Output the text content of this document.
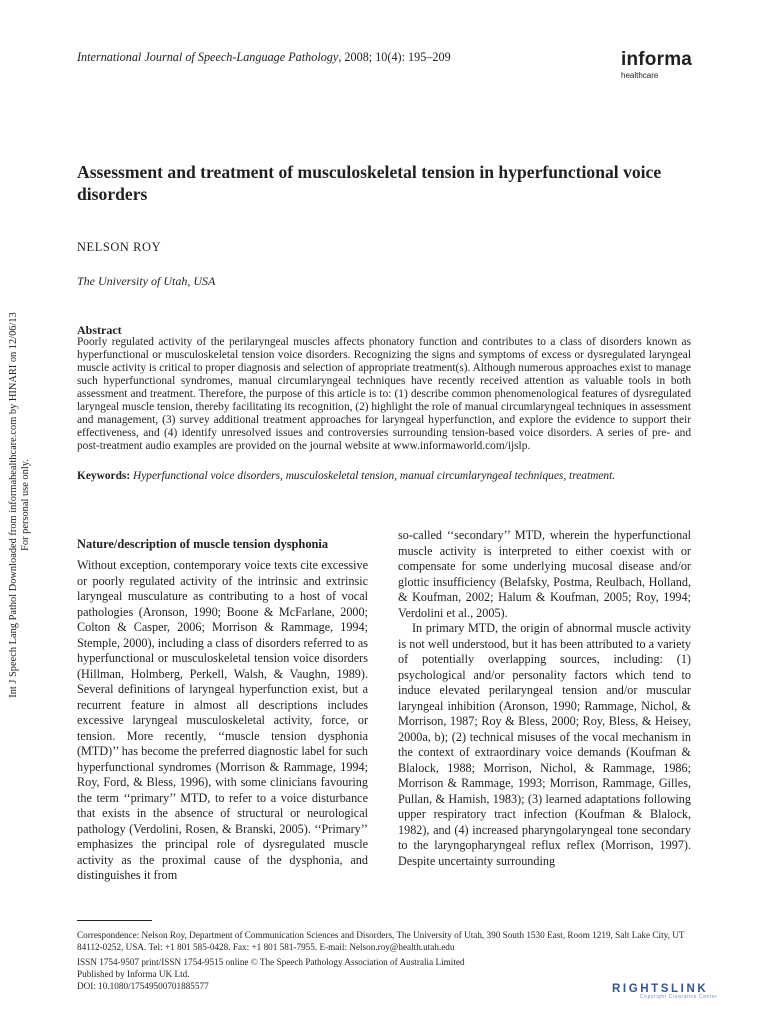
Int J Speech Lang Pathol Downloaded from informahealthcare.com by HINARI on 12/06/13 For personal use only.
International Journal of Speech-Language Pathology, 2008; 10(4): 195–209	informa
healthcare
Assessment and treatment of musculoskeletal tension in hyperfunctional voice disorders
NELSON ROY
The University of Utah, USA
Abstract
Poorly regulated activity of the perilaryngeal muscles affects phonatory function and contributes to a class of disorders known as hyperfunctional or musculoskeletal tension voice disorders. Recognizing the signs and symptoms of excess or dysregulated laryngeal muscle activity is critical to proper diagnosis and selection of appropriate treatment(s). Although numerous approaches exist to manage such hyperfunctional syndromes, manual circumlaryngeal techniques have recently received attention as valuable tools in both assessment and treatment. Therefore, the purpose of this article is to: (1) describe common phenomenological features of dysregulated laryngeal muscle tension, thereby facilitating its recognition, (2) highlight the role of manual circumlaryngeal techniques in assessment and management, (3) survey additional treatment approaches for laryngeal hyperfunction, and explore the evidence to support their effectiveness, and (4) identify unresolved issues and controversies surrounding tension-based voice disorders. A series of pre- and post-treatment audio examples are provided on the journal website at www.informaworld.com/ijslp.
Keywords: Hyperfunctional voice disorders, musculoskeletal tension, manual circumlaryngeal techniques, treatment.
Nature/description of muscle tension dysphonia

Without exception, contemporary voice texts cite excessive or poorly regulated activity of the intrinsic and extrinsic laryngeal musculature as contributing to a host of vocal pathologies (Aronson, 1990; Boone & McFarlane, 2000; Colton & Casper, 2006; Morrison & Rammage, 1994; Stemple, 2000), including a class of disorders referred to as hyperfunctional or musculoskeletal tension voice disorders (Hillman, Holmberg, Perkell, Walsh, & Vaughn, 1989). Several definitions of laryngeal hyperfunction exist, but a recurrent feature in almost all descriptions includes excessive laryngeal musculoskeletal activity, force, or tension. More recently, ‘‘muscle tension dysphonia (MTD)’’ has become the preferred diagnostic label for such hyperfunctional syndromes (Morrison & Rammage, 1994; Roy, Ford, & Bless, 1996), with some clinicians favouring the term ‘‘primary’’ MTD, to refer to a voice disturbance that exists in the absence of structural or neurological pathology (Verdolini, Rosen, & Branski, 2005). ‘‘Primary’’ emphasizes the principal role of dysregulated muscle activity as the proximal cause of the dysphonia, and distinguishes it from

so-called ‘‘secondary’’ MTD, wherein the hyperfunctional muscle activity is interpreted to either coexist with or compensate for some underlying mucosal disease and/or glottic insufficiency (Belafsky, Postma, Reulbach, Holland, & Koufman, 2002; Halum & Koufman, 2005; Roy, 1994; Verdolini et al., 2005).

In primary MTD, the origin of abnormal muscle activity is not well understood, but it has been attributed to a variety of potentially overlapping sources, including: (1) psychological and/or personality factors which tend to induce elevated perilaryngeal tension and/or muscular laryngeal inhibition (Aronson, 1990; Rammage, Nichol, & Morrison, 1987; Roy & Bless, 2000; Roy, Bless, & Heisey, 2000a, b); (2) technical misuses of the vocal mechanism in the context of extraordinary voice demands (Koufman & Blalock, 1988; Morrison, Nichol, & Rammage, 1986; Morrison & Rammage, 1993; Morrison, Rammage, Gilles, Pullan, & Hamish, 1983); (3) learned adaptations following upper respiratory tract infection (Koufman & Blalock, 1982), and (4) increased pharyngolaryngeal tone secondary to the laryngopharyngeal reflux reflex (Morrison, 1997). Despite uncertainty surrounding

Correspondence: Nelson Roy, Department of Communication Sciences and Disorders, The University of Utah, 390 South 1530 East, Room 1219, Salt Lake City, UT 84112-0252, USA. Tel: +1 801 585-0428. Fax: +1 801 581-7955. E-mail: Nelson.roy@health.utah.edu
ISSN 1754-9507 print/ISSN 1754-9515 online © The Speech Pathology Association of Australia Limited
Published by Informa UK Ltd.
DOI: 10.1080/17549500701885577	RIGHTSLINK
Copyright Clearance Center
